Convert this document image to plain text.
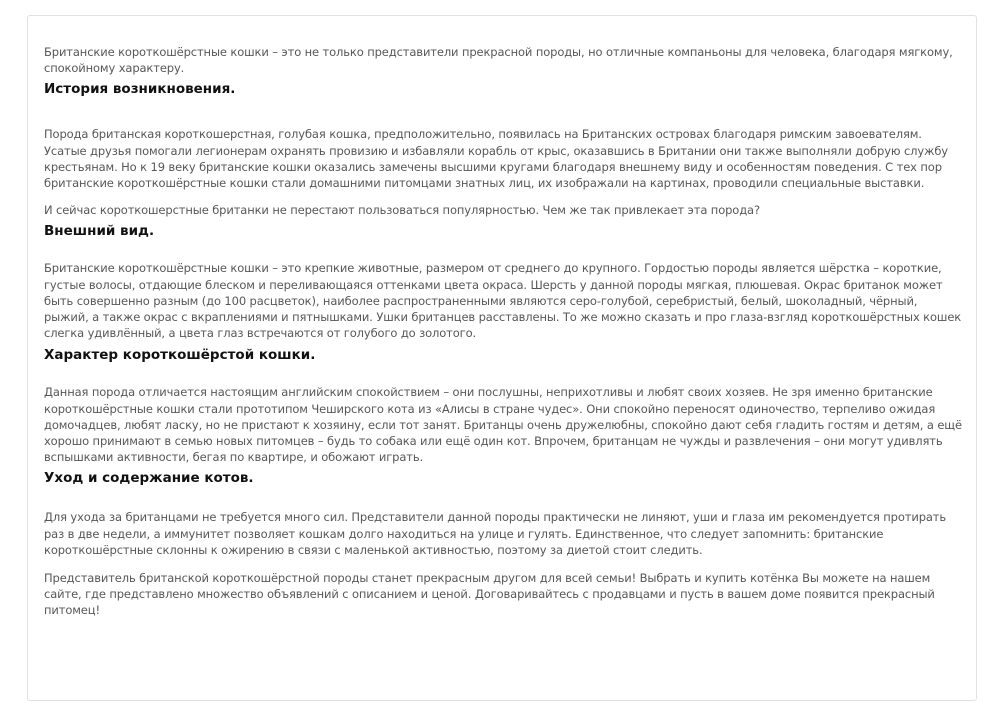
Британские короткошёрстные кошки – это не только представители прекрасной породы, но отличные компаньоны для человека, благодаря мягкому, спокойному характеру.

История возникновения.

Порода британская короткошерстная, голубая кошка, предположительно, появилась на Британских островах благодаря римским завоевателям. Усатые друзья помогали легионерам охранять провизию и избавляли корабль от крыс, оказавшись в Британии они также выполняли добрую службу крестьянам. Но к 19 веку британские кошки оказались замечены высшими кругами благодаря внешнему виду и особенностям поведения. С тех пор британские короткошёрстные кошки стали домашними питомцами знатных лиц, их изображали на картинах, проводили специальные выставки.

И сейчас короткошерстные британки не перестают пользоваться популярностью. Чем же так привлекает эта порода?

Внешний вид.

Британские короткошёрстные кошки – это крепкие животные, размером от среднего до крупного. Гордостью породы является шёрстка – короткие, густые волосы, отдающие блеском и переливающаяся оттенками цвета окраса. Шерсть у данной породы мягкая, плюшевая. Окрас британок может быть совершенно разным (до 100 расцветок), наиболее распространенными являются серо-голубой, серебристый, белый, шоколадный, чёрный, рыжий, а также окрас с вкраплениями и пятнышками. Ушки британцев расставлены. То же можно сказать и про глаза-взгляд короткошёрстных кошек слегка удивлённый, а цвета глаз встречаются от голубого до золотого.

Характер короткошёрстой кошки.

Данная порода отличается настоящим английским спокойствием – они послушны, неприхотливы и любят своих хозяев. Не зря именно британские короткошёрстные кошки стали прототипом Чеширского кота из «Алисы в стране чудес». Они спокойно переносят одиночество, терпеливо ожидая домочадцев, любят ласку, но не пристают к хозяину, если тот занят. Британцы очень дружелюбны, спокойно дают себя гладить гостям и детям, а ещё хорошо принимают в семью новых питомцев – будь то собака или ещё один кот. Впрочем, британцам не чужды и развлечения – они могут удивлять вспышками активности, бегая по квартире, и обожают играть.

Уход и содержание котов.

Для ухода за британцами не требуется много сил. Представители данной породы практически не линяют, уши и глаза им рекомендуется протирать раз в две недели, а иммунитет позволяет кошкам долго находиться на улице и гулять. Единственное, что следует запомнить: британские короткошёрстные склонны к ожирению в связи с маленькой активностью, поэтому за диетой стоит следить.

Представитель британской короткошёрстной породы станет прекрасным другом для всей семьи! Выбрать и купить котёнка Вы можете на нашем сайте, где представлено множество объявлений с описанием и ценой. Договаривайтесь с продавцами и пусть в вашем доме появится прекрасный питомец!
